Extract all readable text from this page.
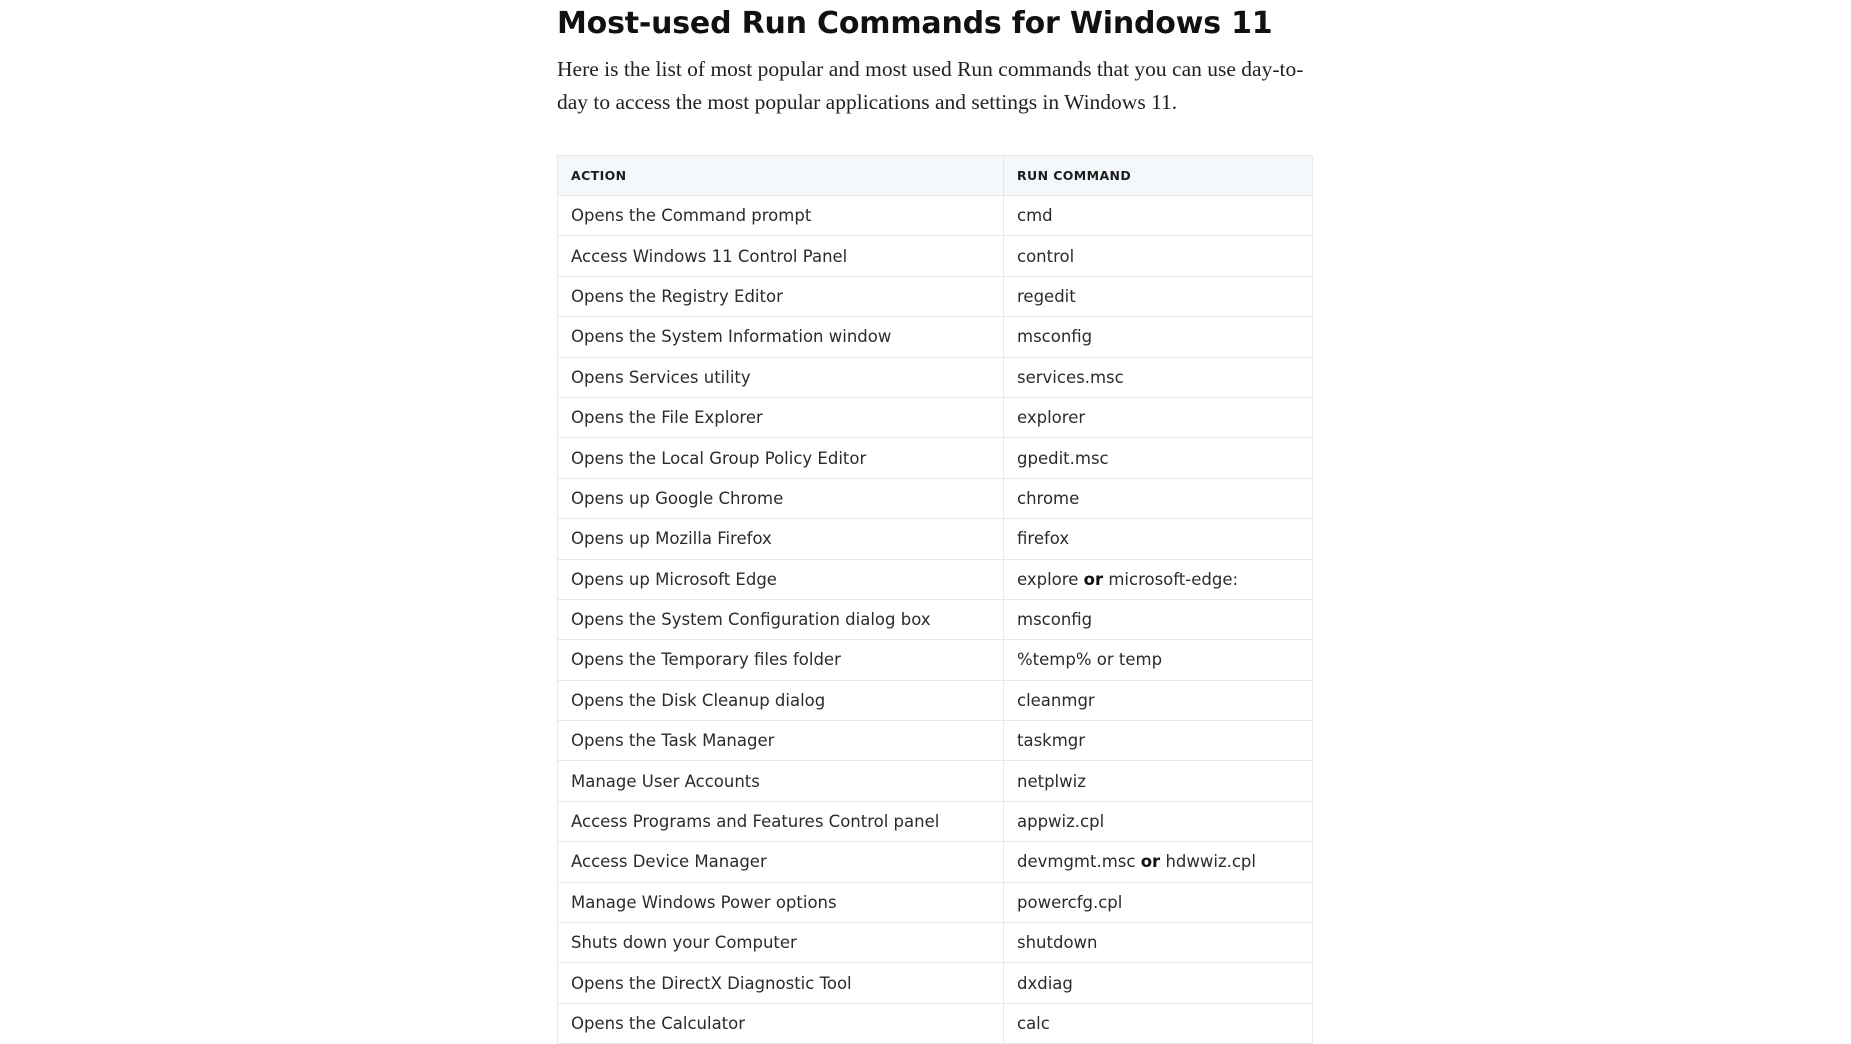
Most-used Run Commands for Windows 11

Here is the list of most popular and most used Run commands that you can use day-to-day to access the most popular applications and settings in Windows 11.

ACTION	RUN COMMAND
Opens the Command prompt	cmd
Access Windows 11 Control Panel	control
Opens the Registry Editor	regedit
Opens the System Information window	msconfig
Opens Services utility	services.msc
Opens the File Explorer	explorer
Opens the Local Group Policy Editor	gpedit.msc
Opens up Google Chrome	chrome
Opens up Mozilla Firefox	firefox
Opens up Microsoft Edge	explore or microsoft-edge:
Opens the System Configuration dialog box	msconfig
Opens the Temporary files folder	%temp% or temp
Opens the Disk Cleanup dialog	cleanmgr
Opens the Task Manager	taskmgr
Manage User Accounts	netplwiz
Access Programs and Features Control panel	appwiz.cpl
Access Device Manager	devmgmt.msc or hdwwiz.cpl
Manage Windows Power options	powercfg.cpl
Shuts down your Computer	shutdown
Opens the DirectX Diagnostic Tool	dxdiag
Opens the Calculator	calc
